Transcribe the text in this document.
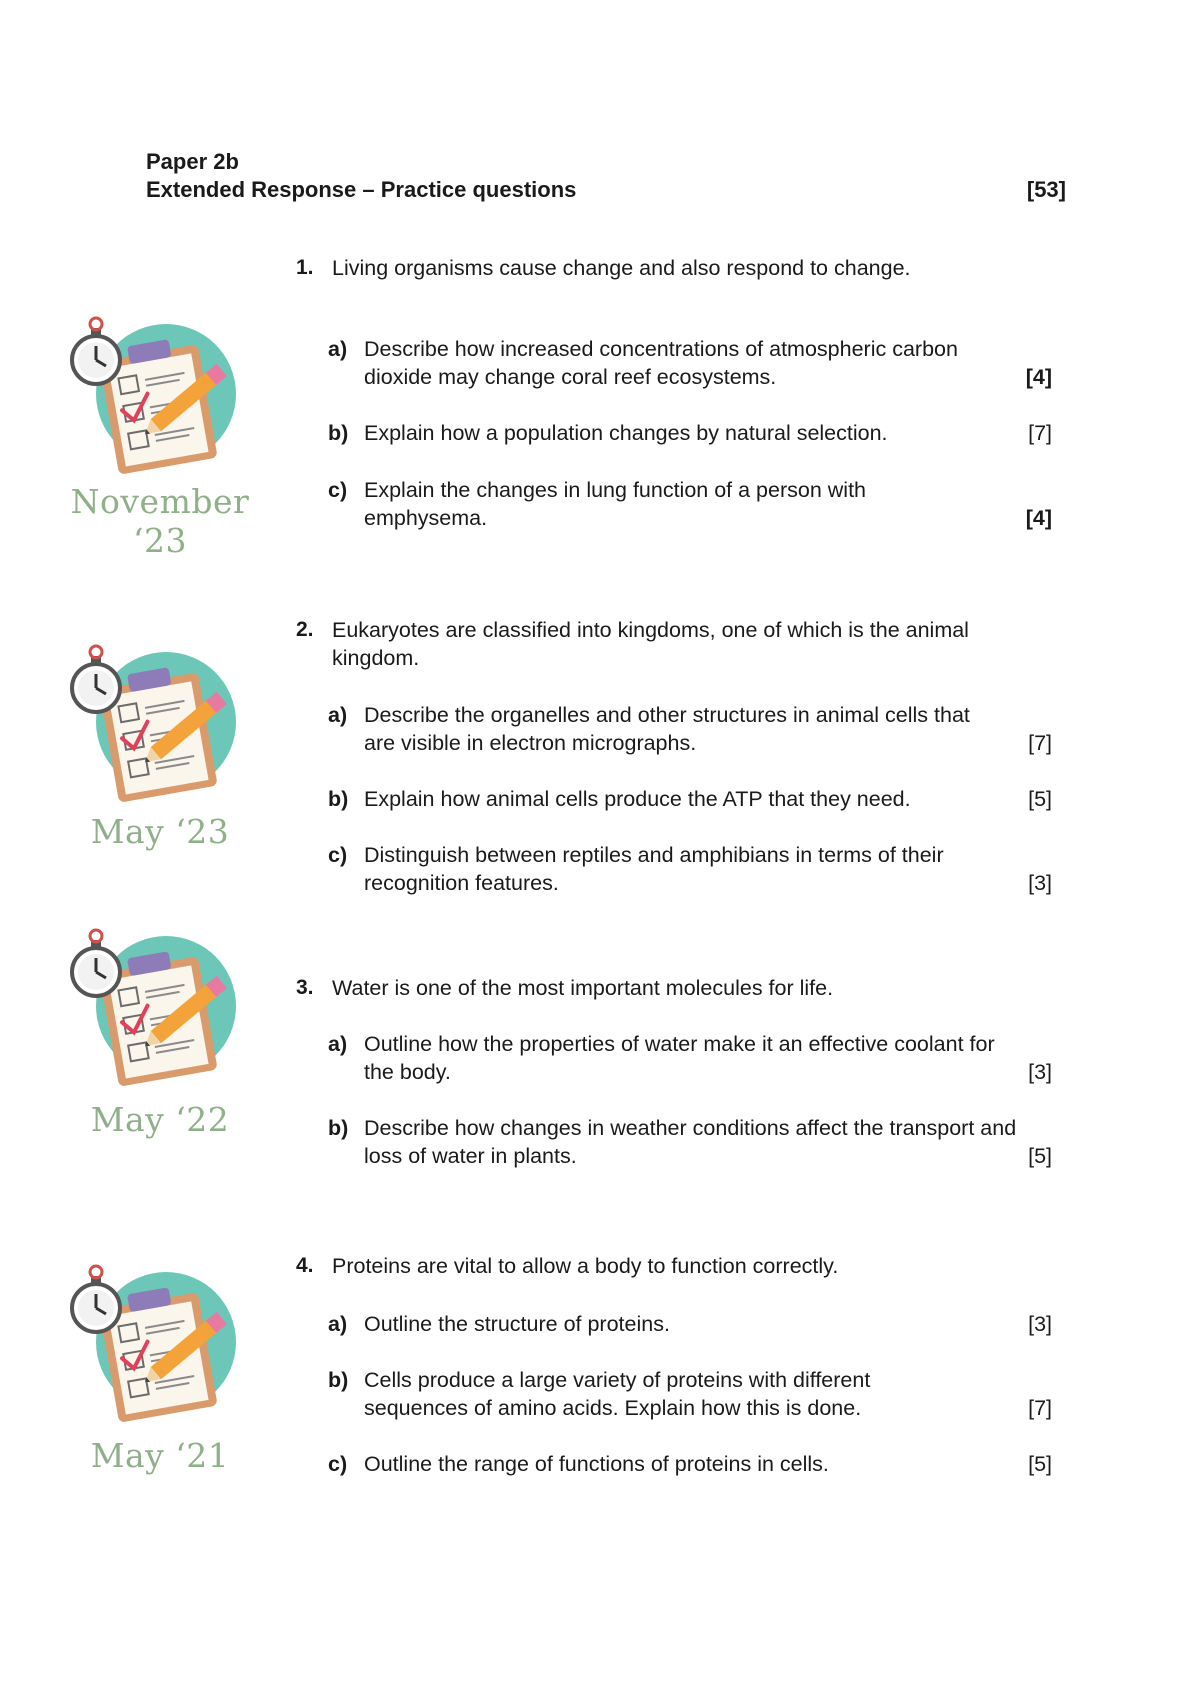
Paper 2b
Extended Response – Practice questions	[53]
November ‘23
May ‘23
May ‘22
May ‘21
1. Living organisms cause change and also respond to change.
a) Describe how increased concentrations of atmospheric carbon dioxide may change coral reef ecosystems.	[4]
b) Explain how a population changes by natural selection.	[7]
c) Explain the changes in lung function of a person with emphysema.	[4]
2. Eukaryotes are classified into kingdoms, one of which is the animal kingdom.
a) Describe the organelles and other structures in animal cells that are visible in electron micrographs.	[7]
b) Explain how animal cells produce the ATP that they need.	[5]
c) Distinguish between reptiles and amphibians in terms of their recognition features.	[3]
3. Water is one of the most important molecules for life.
a) Outline how the properties of water make it an effective coolant for the body.	[3]
b) Describe how changes in weather conditions affect the transport and loss of water in plants.	[5]
4. Proteins are vital to allow a body to function correctly.
a) Outline the structure of proteins.	[3]
b) Cells produce a large variety of proteins with different sequences of amino acids. Explain how this is done.	[7]
c) Outline the range of functions of proteins in cells.	[5]
